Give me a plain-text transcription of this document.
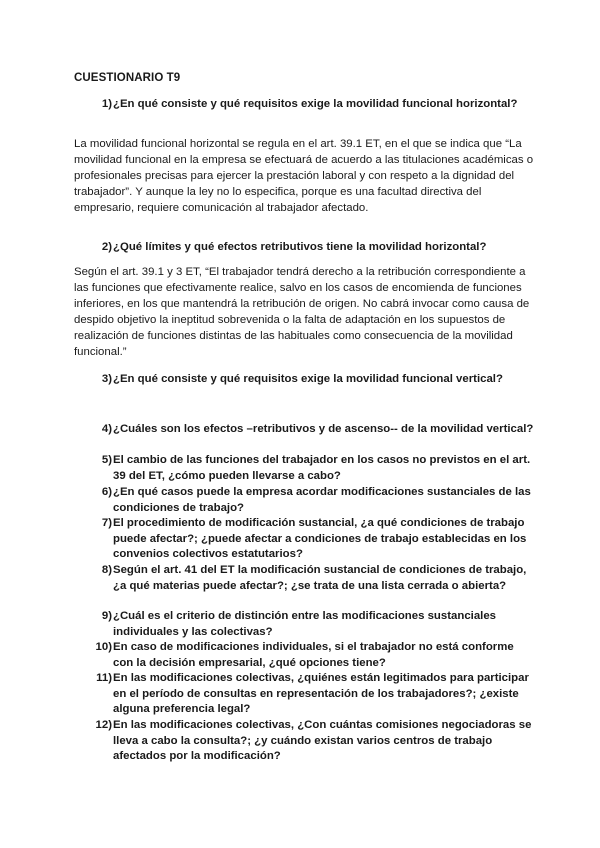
CUESTIONARIO T9
1) ¿En qué consiste y qué requisitos exige la movilidad funcional horizontal?
La movilidad funcional horizontal se regula en el art. 39.1 ET, en el que se indica que “La movilidad funcional en la empresa se efectuará de acuerdo a las titulaciones académicas o profesionales precisas para ejercer la prestación laboral y con respeto a la dignidad del trabajador”. Y aunque la ley no lo especifica, porque es una facultad directiva del empresario, requiere comunicación al trabajador afectado.
2) ¿Qué límites y qué efectos retributivos tiene la movilidad horizontal?
Según el art. 39.1 y 3 ET, “El trabajador tendrá derecho a la retribución correspondiente a las funciones que efectivamente realice, salvo en los casos de encomienda de funciones inferiores, en los que mantendrá la retribución de origen. No cabrá invocar como causa de despido objetivo la ineptitud sobrevenida o la falta de adaptación en los supuestos de realización de funciones distintas de las habituales como consecuencia de la movilidad funcional.”
3) ¿En qué consiste y qué requisitos exige la movilidad funcional vertical?
4) ¿Cuáles son los efectos –retributivos y de ascenso-- de la movilidad vertical?
5) El cambio de las funciones del trabajador en los casos no previstos en el art. 39 del ET, ¿cómo pueden llevarse a cabo?
6) ¿En qué casos puede la empresa acordar modificaciones sustanciales de las condiciones de trabajo?
7) El procedimiento de modificación sustancial, ¿a qué condiciones de trabajo puede afectar?; ¿puede afectar a condiciones de trabajo establecidas en los convenios colectivos estatutarios?
8) Según el art. 41 del ET la modificación sustancial de condiciones de trabajo, ¿a qué materias puede afectar?; ¿se trata de una lista cerrada o abierta?
9) ¿Cuál es el criterio de distinción entre las modificaciones sustanciales individuales y las colectivas?
10) En caso de modificaciones individuales, si el trabajador no está conforme con la decisión empresarial, ¿qué opciones tiene?
11) En las modificaciones colectivas, ¿quiénes están legitimados para participar en el período de consultas en representación de los trabajadores?; ¿existe alguna preferencia legal?
12) En las modificaciones colectivas, ¿Con cuántas comisiones negociadoras se lleva a cabo la consulta?; ¿y cuándo existan varios centros de trabajo afectados por la modificación?
